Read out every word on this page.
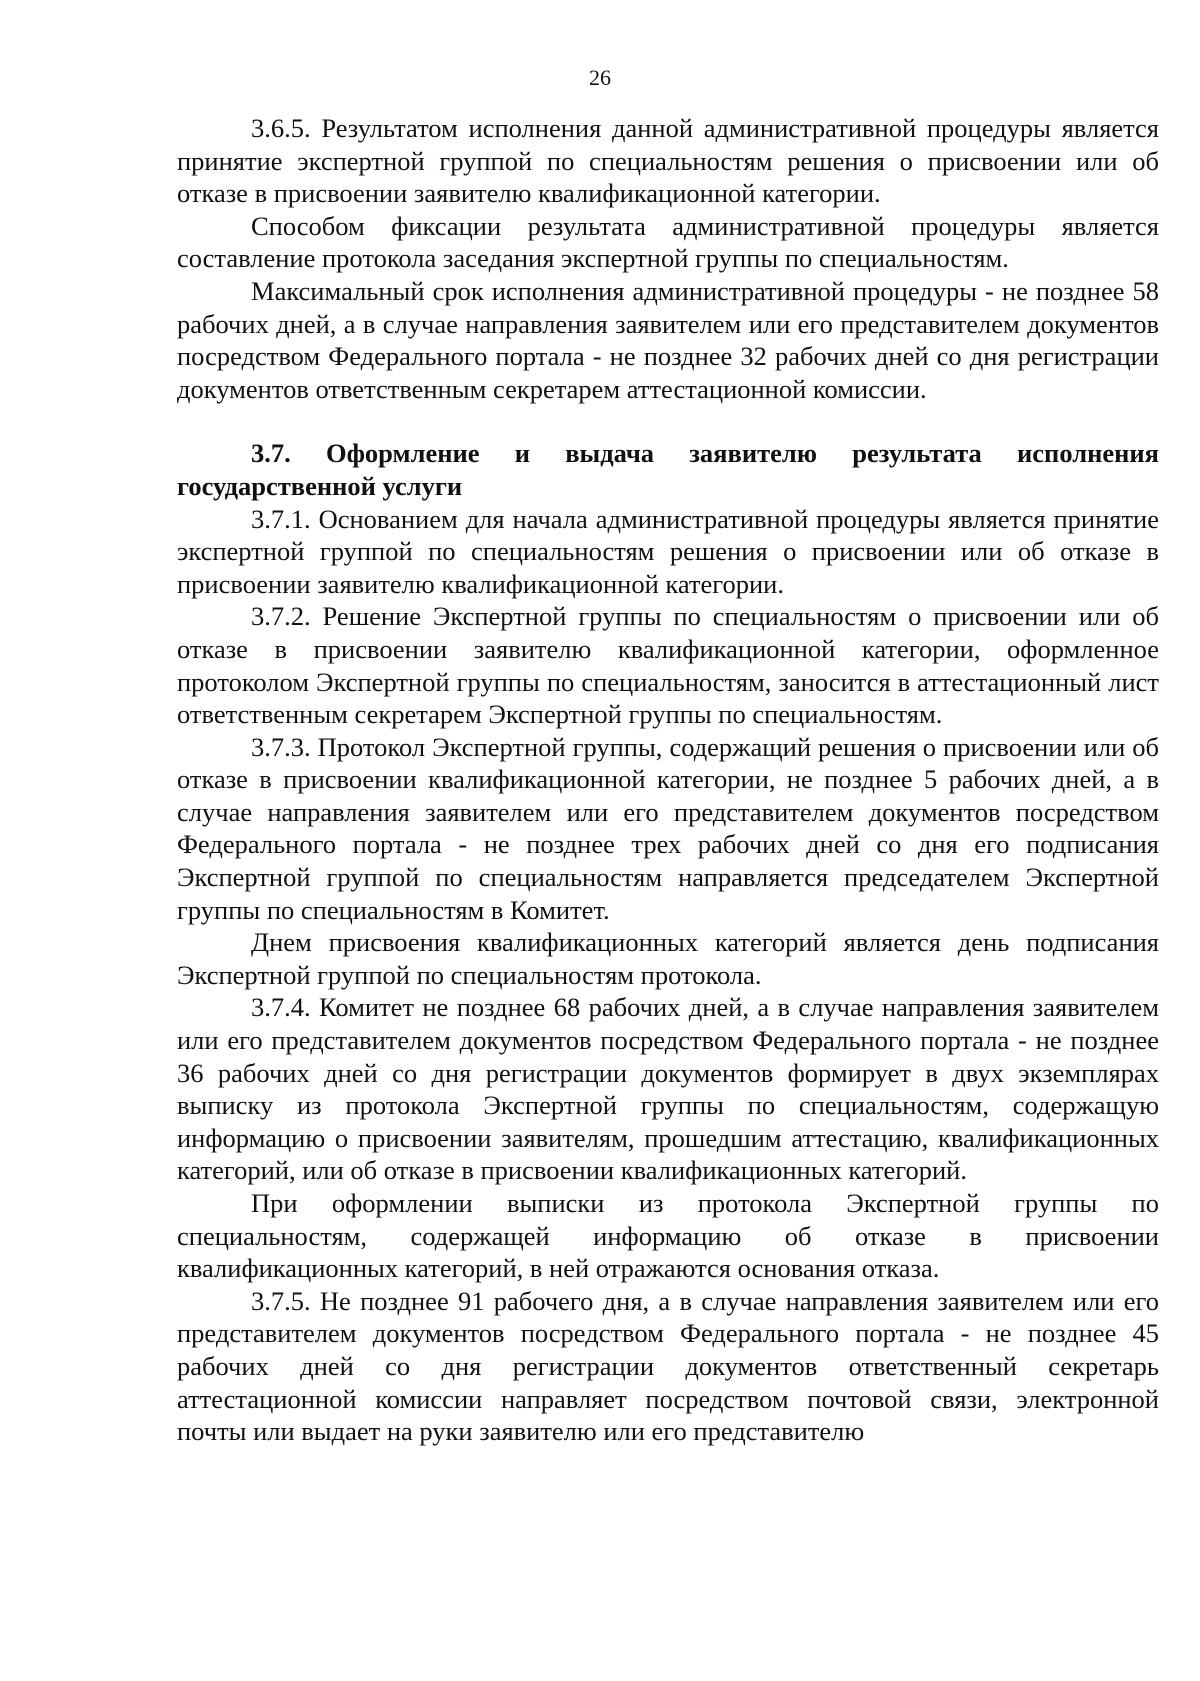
26

3.6.5. Результатом исполнения данной административной процедуры является принятие экспертной группой по специальностям решения о присвоении или об отказе в присвоении заявителю квалификационной категории.

Способом фиксации результата административной процедуры является составление протокола заседания экспертной группы по специальностям.

Максимальный срок исполнения административной процедуры - не позднее 58 рабочих дней, а в случае направления заявителем или его представителем документов посредством Федерального портала - не позднее 32 рабочих дней со дня регистрации документов ответственным секретарем аттестационной комиссии.

3.7. Оформление и выдача заявителю результата исполнения государственной услуги

3.7.1. Основанием для начала административной процедуры является принятие экспертной группой по специальностям решения о присвоении или об отказе в присвоении заявителю квалификационной категории.

3.7.2. Решение Экспертной группы по специальностям о присвоении или об отказе в присвоении заявителю квалификационной категории, оформленное протоколом Экспертной группы по специальностям, заносится в аттестационный лист ответственным секретарем Экспертной группы по специальностям.

3.7.3. Протокол Экспертной группы, содержащий решения о присвоении или об отказе в присвоении квалификационной категории, не позднее 5 рабочих дней, а в случае направления заявителем или его представителем документов посредством Федерального портала - не позднее трех рабочих дней со дня его подписания Экспертной группой по специальностям направляется председателем Экспертной группы по специальностям в Комитет.

Днем присвоения квалификационных категорий является день подписания Экспертной группой по специальностям протокола.

3.7.4. Комитет не позднее 68 рабочих дней, а в случае направления заявителем или его представителем документов посредством Федерального портала - не позднее 36 рабочих дней со дня регистрации документов формирует в двух экземплярах выписку из протокола Экспертной группы по специальностям, содержащую информацию о присвоении заявителям, прошедшим аттестацию, квалификационных категорий, или об отказе в присвоении квалификационных категорий.

При оформлении выписки из протокола Экспертной группы по специальностям, содержащей информацию об отказе в присвоении квалификационных категорий, в ней отражаются основания отказа.

3.7.5. Не позднее 91 рабочего дня, а в случае направления заявителем или его представителем документов посредством Федерального портала - не позднее 45 рабочих дней со дня регистрации документов ответственный секретарь аттестационной комиссии направляет посредством почтовой связи, электронной почты или выдает на руки заявителю или его представителю
